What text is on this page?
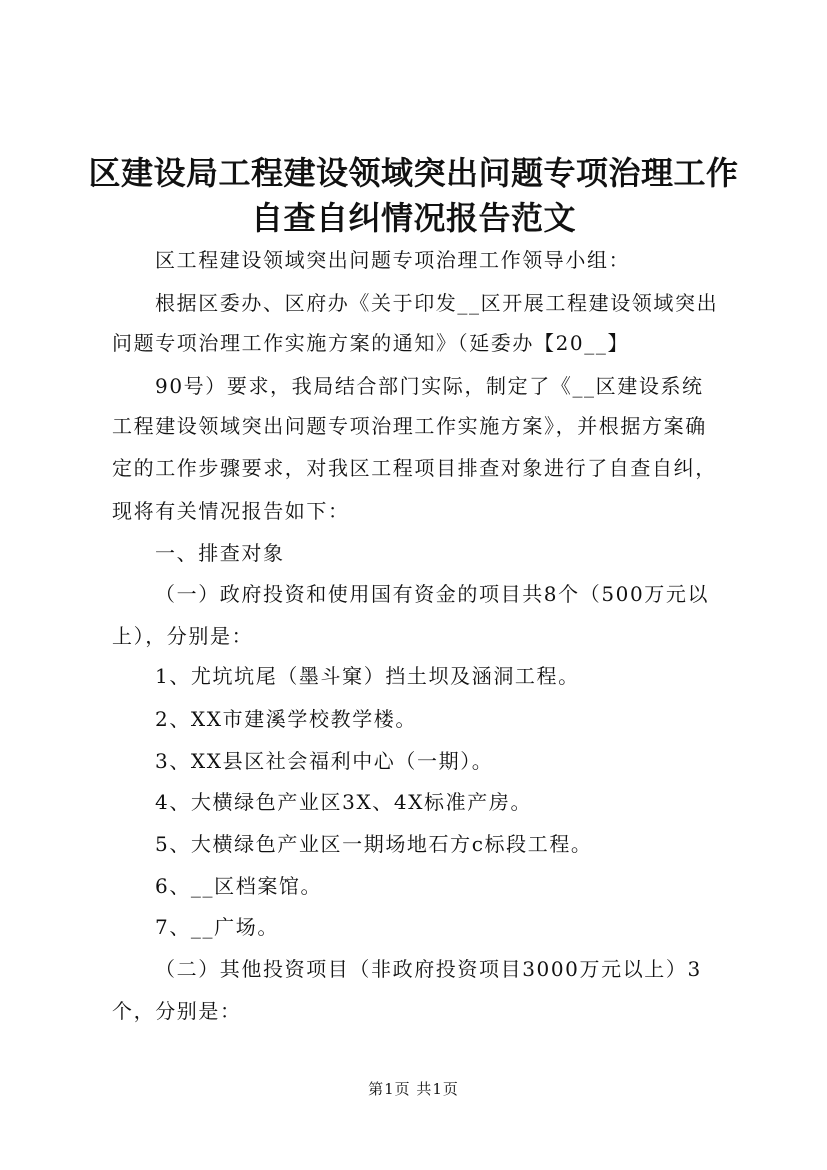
区建设局工程建设领域突出问题专项治理工作
自查自纠情况报告范文
区工程建设领域突出问题专项治理工作领导小组：
根据区委办、区府办《关于印发__区开展工程建设领域突出
问题专项治理工作实施方案的通知》（延委办【20__】
90号）要求，我局结合部门实际，制定了《__区建设系统
工程建设领域突出问题专项治理工作实施方案》，并根据方案确
定的工作步骤要求，对我区工程项目排查对象进行了自查自纠，
现将有关情况报告如下：
一、排查对象
（一）政府投资和使用国有资金的项目共8个（500万元以
上），分别是：
1、尤坑坑尾（墨斗窠）挡土坝及涵洞工程。
2、XX市建溪学校教学楼。
3、XX县区社会福利中心（一期）。
4、大横绿色产业区3X、4X标准产房。
5、大横绿色产业区一期场地石方c标段工程。
6、__区档案馆。
7、__广场。
（二）其他投资项目（非政府投资项目3000万元以上）3
个，分别是：
第1页 共1页
